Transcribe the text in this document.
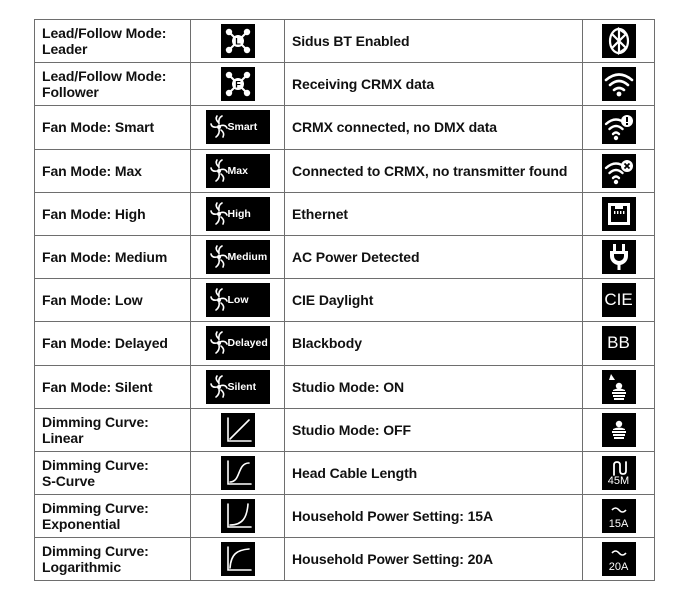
Lead/Follow Mode:
Leader	L	Sidus BT Enabled	

Lead/Follow Mode:
Follower	F	Receiving CRMX data	

Fan Mode: Smart	Smart	CRMX connected, no DMX data	

Fan Mode: Max	Max	Connected to CRMX, no transmitter found	

Fan Mode: High	High	Ethernet	

Fan Mode: Medium	Medium	AC Power Detected	

Fan Mode: Low	Low	CIE Daylight	CIE

Fan Mode: Delayed	Delayed	Blackbody	BB

Fan Mode: Silent	Silent	Studio Mode: ON	

Dimming Curve:
Linear		Studio Mode: OFF	

Dimming Curve:
S-Curve		Head Cable Length	45M

Dimming Curve:
Exponential		Household Power Setting: 15A	15A

Dimming Curve:
Logarithmic		Household Power Setting: 20A	20A
